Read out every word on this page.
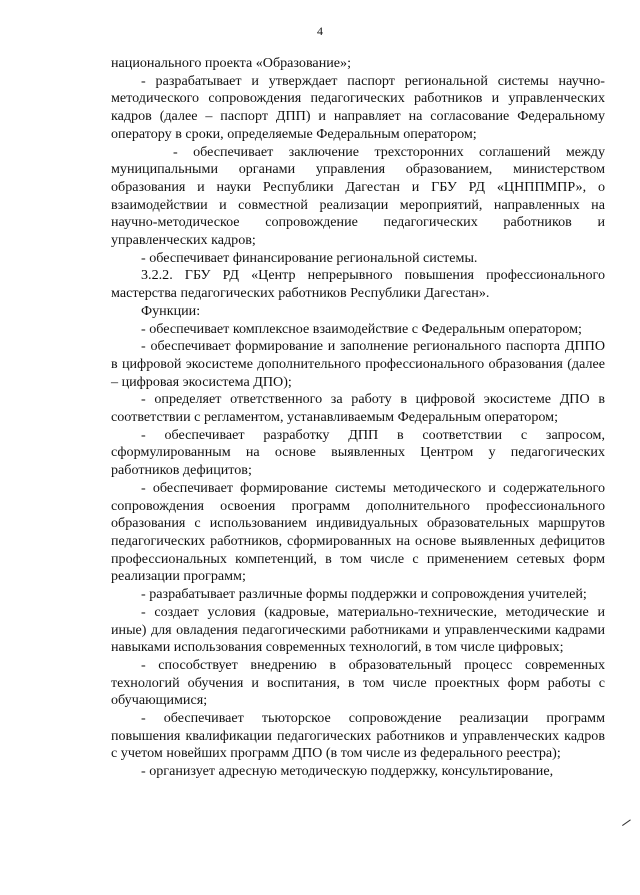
4

национального проекта «Образование»;

- разрабатывает и утверждает паспорт региональной системы научно-методического сопровождения педагогических работников и управленческих кадров (далее – паспорт ДПП) и направляет на согласование Федеральному оператору в сроки, определяемые Федеральным оператором;

- обеспечивает заключение трехсторонних соглашений между муниципальными органами управления образованием, министерством образования и науки Республики Дагестан и ГБУ РД «ЦНППМПР», о взаимодействии и совместной реализации мероприятий, направленных на научно-методическое сопровождение педагогических работников и управленческих кадров;

- обеспечивает финансирование региональной системы.

3.2.2. ГБУ РД «Центр непрерывного повышения профессионального мастерства педагогических работников Республики Дагестан».

Функции:

- обеспечивает комплексное взаимодействие с Федеральным оператором;

- обеспечивает формирование и заполнение регионального паспорта ДППО в цифровой экосистеме дополнительного профессионального образования (далее – цифровая экосистема ДПО);

- определяет ответственного за работу в цифровой экосистеме ДПО в соответствии с регламентом, устанавливаемым Федеральным оператором;

- обеспечивает разработку ДПП в соответствии с запросом, сформулированным на основе выявленных Центром у педагогических работников дефицитов;

- обеспечивает формирование системы методического и содержательного сопровождения освоения программ дополнительного профессионального образования с использованием индивидуальных образовательных маршрутов педагогических работников, сформированных на основе выявленных дефицитов профессиональных компетенций, в том числе с применением сетевых форм реализации программ;

- разрабатывает различные формы поддержки и сопровождения учителей;

- создает условия (кадровые, материально-технические, методические и иные) для овладения педагогическими работниками и управленческими кадрами навыками использования современных технологий, в том числе цифровых;

- способствует внедрению в образовательный процесс современных технологий обучения и воспитания, в том числе проектных форм работы с обучающимися;

- обеспечивает тьюторское сопровождение реализации программ повышения квалификации педагогических работников и управленческих кадров с учетом новейших программ ДПО (в том числе из федерального реестра);

- организует адресную методическую поддержку, консультирование,
